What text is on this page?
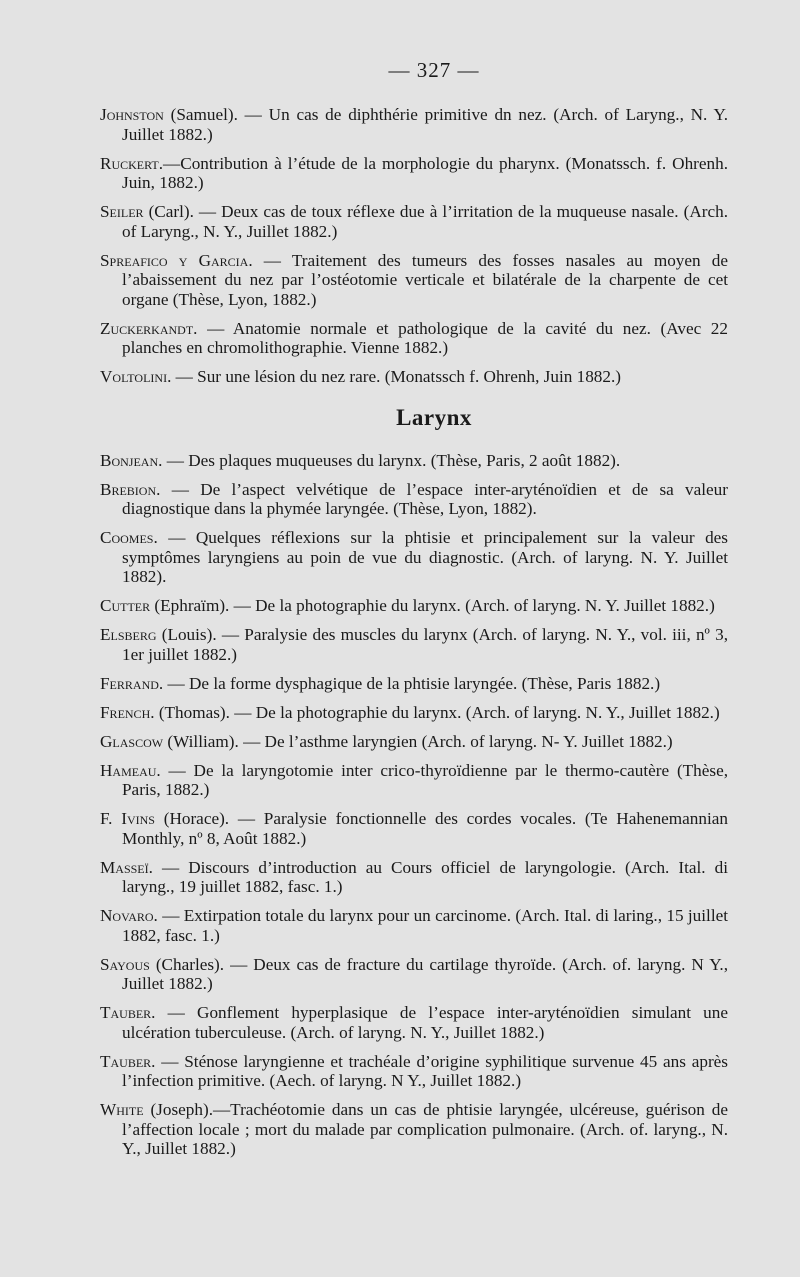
— 327 —

Johnston (Samuel). — Un cas de diphthérie primitive dn nez. (Arch. of Laryng., N. Y. Juillet 1882.)

Ruckert.—Contribution à l’étude de la morphologie du pharynx. (Monatssch. f. Ohrenh. Juin, 1882.)

Seiler (Carl). — Deux cas de toux réflexe due à l’irritation de la muqueuse nasale. (Arch. of Laryng., N. Y., Juillet 1882.)

Spreafico y Garcia. — Traitement des tumeurs des fosses nasales au moyen de l’abaissement du nez par l’ostéotomie verticale et bilatérale de la charpente de cet organe (Thèse, Lyon, 1882.)

Zuckerkandt. — Anatomie normale et pathologique de la cavité du nez. (Avec 22 planches en chromolithographie. Vienne 1882.)

Voltolini. — Sur une lésion du nez rare. (Monatssch f. Ohrenh, Juin 1882.)

Larynx

Bonjean. — Des plaques muqueuses du larynx. (Thèse, Paris, 2 août 1882).

Brebion. — De l’aspect velvétique de l’espace inter-aryténoïdien et de sa valeur diagnostique dans la phymée laryngée. (Thèse, Lyon, 1882).

Coomes. — Quelques réflexions sur la phtisie et principalement sur la valeur des symptômes laryngiens au poin de vue du diagnostic. (Arch. of laryng. N. Y. Juillet 1882).

Cutter (Ephraïm). — De la photographie du larynx. (Arch. of laryng. N. Y. Juillet 1882.)

Elsberg (Louis). — Paralysie des muscles du larynx (Arch. of laryng. N. Y., vol. iii, nº 3, 1er juillet 1882.)

Ferrand. — De la forme dysphagique de la phtisie laryngée. (Thèse, Paris 1882.)

French. (Thomas). — De la photographie du larynx. (Arch. of laryng. N. Y., Juillet 1882.)

Glascow (William). — De l’asthme laryngien (Arch. of laryng. N- Y. Juillet 1882.)

Hameau. — De la laryngotomie inter crico-thyroïdienne par le thermo-cautère (Thèse, Paris, 1882.)

F. Ivins (Horace). — Paralysie fonctionnelle des cordes vocales. (Te Hahenemannian Monthly, nº 8, Août 1882.)

Masseï. — Discours d’introduction au Cours officiel de laryngologie. (Arch. Ital. di laryng., 19 juillet 1882, fasc. 1.)

Novaro. — Extirpation totale du larynx pour un carcinome. (Arch. Ital. di laring., 15 juillet 1882, fasc. 1.)

Sayous (Charles). — Deux cas de fracture du cartilage thyroïde. (Arch. of. laryng. N Y., Juillet 1882.)

Tauber. — Gonflement hyperplasique de l’espace inter-aryténoïdien simulant une ulcération tuberculeuse. (Arch. of laryng. N. Y., Juillet 1882.)

Tauber. — Sténose laryngienne et trachéale d’origine syphilitique survenue 45 ans après l’infection primitive. (Aech. of laryng. N Y., Juillet 1882.)

White (Joseph).—Trachéotomie dans un cas de phtisie laryngée, ulcéreuse, guérison de l’affection locale ; mort du malade par complication pulmonaire. (Arch. of. laryng., N. Y., Juillet 1882.)
